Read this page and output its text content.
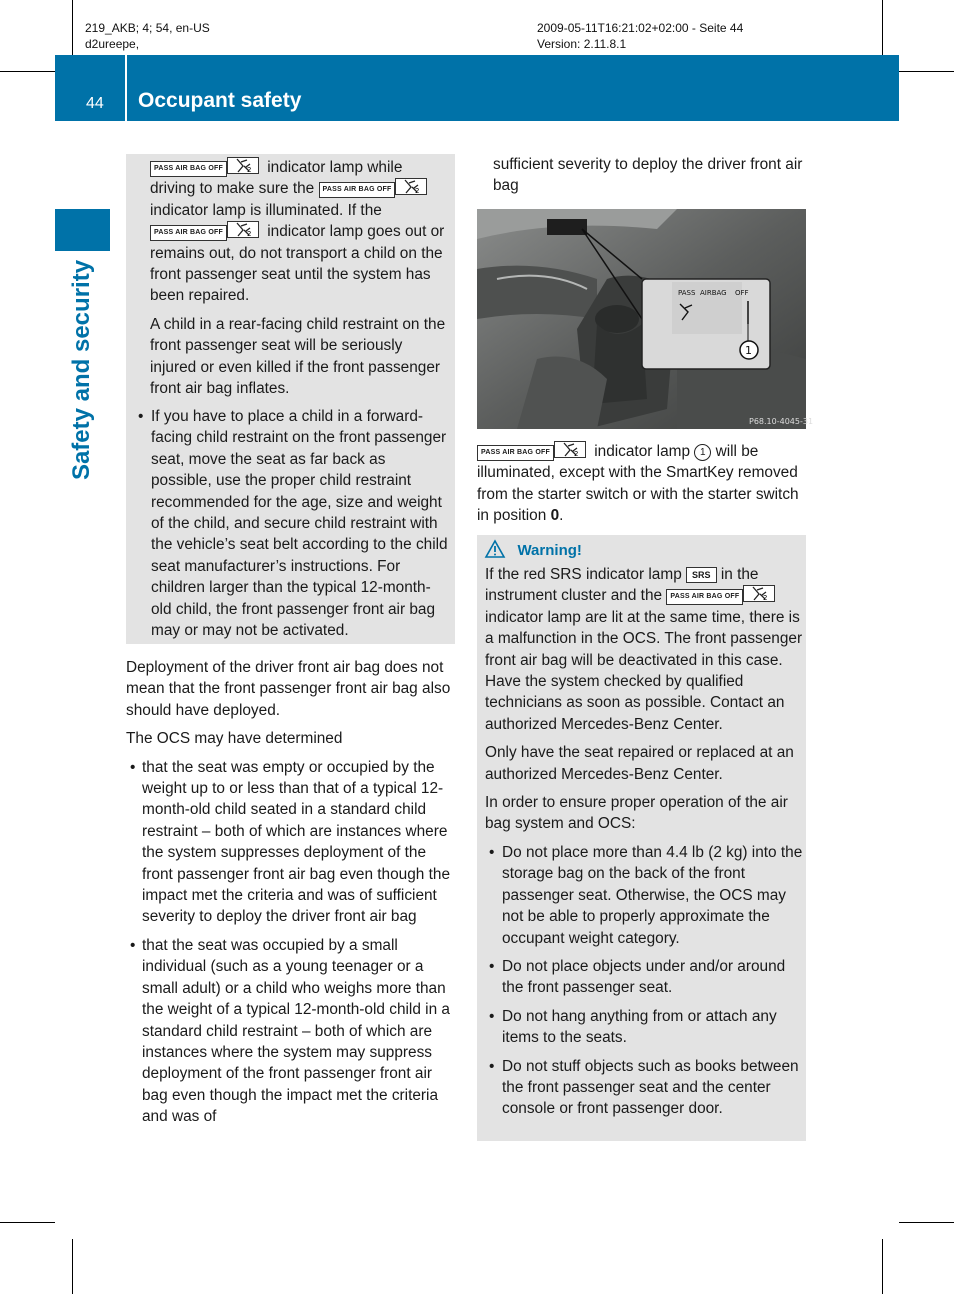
219_AKB; 4; 54, en-US
d2ureepe,
2009-05-11T16:21:02+02:00 - Seite 44
Version: 2.11.8.1
44 Occupant safety
Safety and security

PASS AIR BAG OFF	2 indicator lamp while driving to make sure the PASS AIR BAG OFF	2
indicator lamp is illuminated. If the PASS AIR BAG OFF	2 indicator lamp goes out or remains out, do not transport a child on the front passenger seat until the system has been repaired.

A child in a rear-facing child restraint on the front passenger seat will be seriously injured or even killed if the front passenger front air bag inflates.

• If you have to place a child in a forward-facing child restraint on the front passenger seat, move the seat as far back as possible, use the proper child restraint recommended for the age, size and weight of the child, and secure child restraint with the vehicle’s seat belt according to the child seat manufacturer’s instructions. For children larger than the typical 12-month-old child, the front passenger front air bag may or may not be activated.

Deployment of the driver front air bag does not mean that the front passenger front air bag also should have deployed.

The OCS may have determined

• that the seat was empty or occupied by the weight up to or less than that of a typical 12-month-old child seated in a standard child restraint – both of which are instances where the system suppresses deployment of the front passenger front air bag even though the impact met the criteria and was of sufficient severity to deploy the driver front air bag
• that the seat was occupied by a small individual (such as a young teenager or a small adult) or a child who weighs more than the weight of a typical 12-month-old child in a standard child restraint – both of which are instances where the system may suppress deployment of the front passenger front air bag even though the impact met the criteria and was of
sufficient severity to deploy the driver front air bag
PASS AIRBAG OFF
1
P68.10-4045-31

PASS AIR BAG OFF	2 indicator lamp 1 will be illuminated, except with the SmartKey removed from the starter switch or with the starter switch in position 0.

Warning!

If the red SRS indicator lamp SRS in the instrument cluster and the PASS AIR BAG OFF	2
indicator lamp are lit at the same time, there is a malfunction in the OCS. The front passenger front air bag will be deactivated in this case. Have the system checked by qualified technicians as soon as possible. Contact an authorized Mercedes-Benz Center.

Only have the seat repaired or replaced at an authorized Mercedes-Benz Center.

In order to ensure proper operation of the air bag system and OCS:

• Do not place more than 4.4 lb (2 kg) into the storage bag on the back of the front passenger seat. Otherwise, the OCS may not be able to properly approximate the occupant weight category.
• Do not place objects under and/or around the front passenger seat.
• Do not hang anything from or attach any items to the seats.
• Do not stuff objects such as books between the front passenger seat and the center console or front passenger door.
